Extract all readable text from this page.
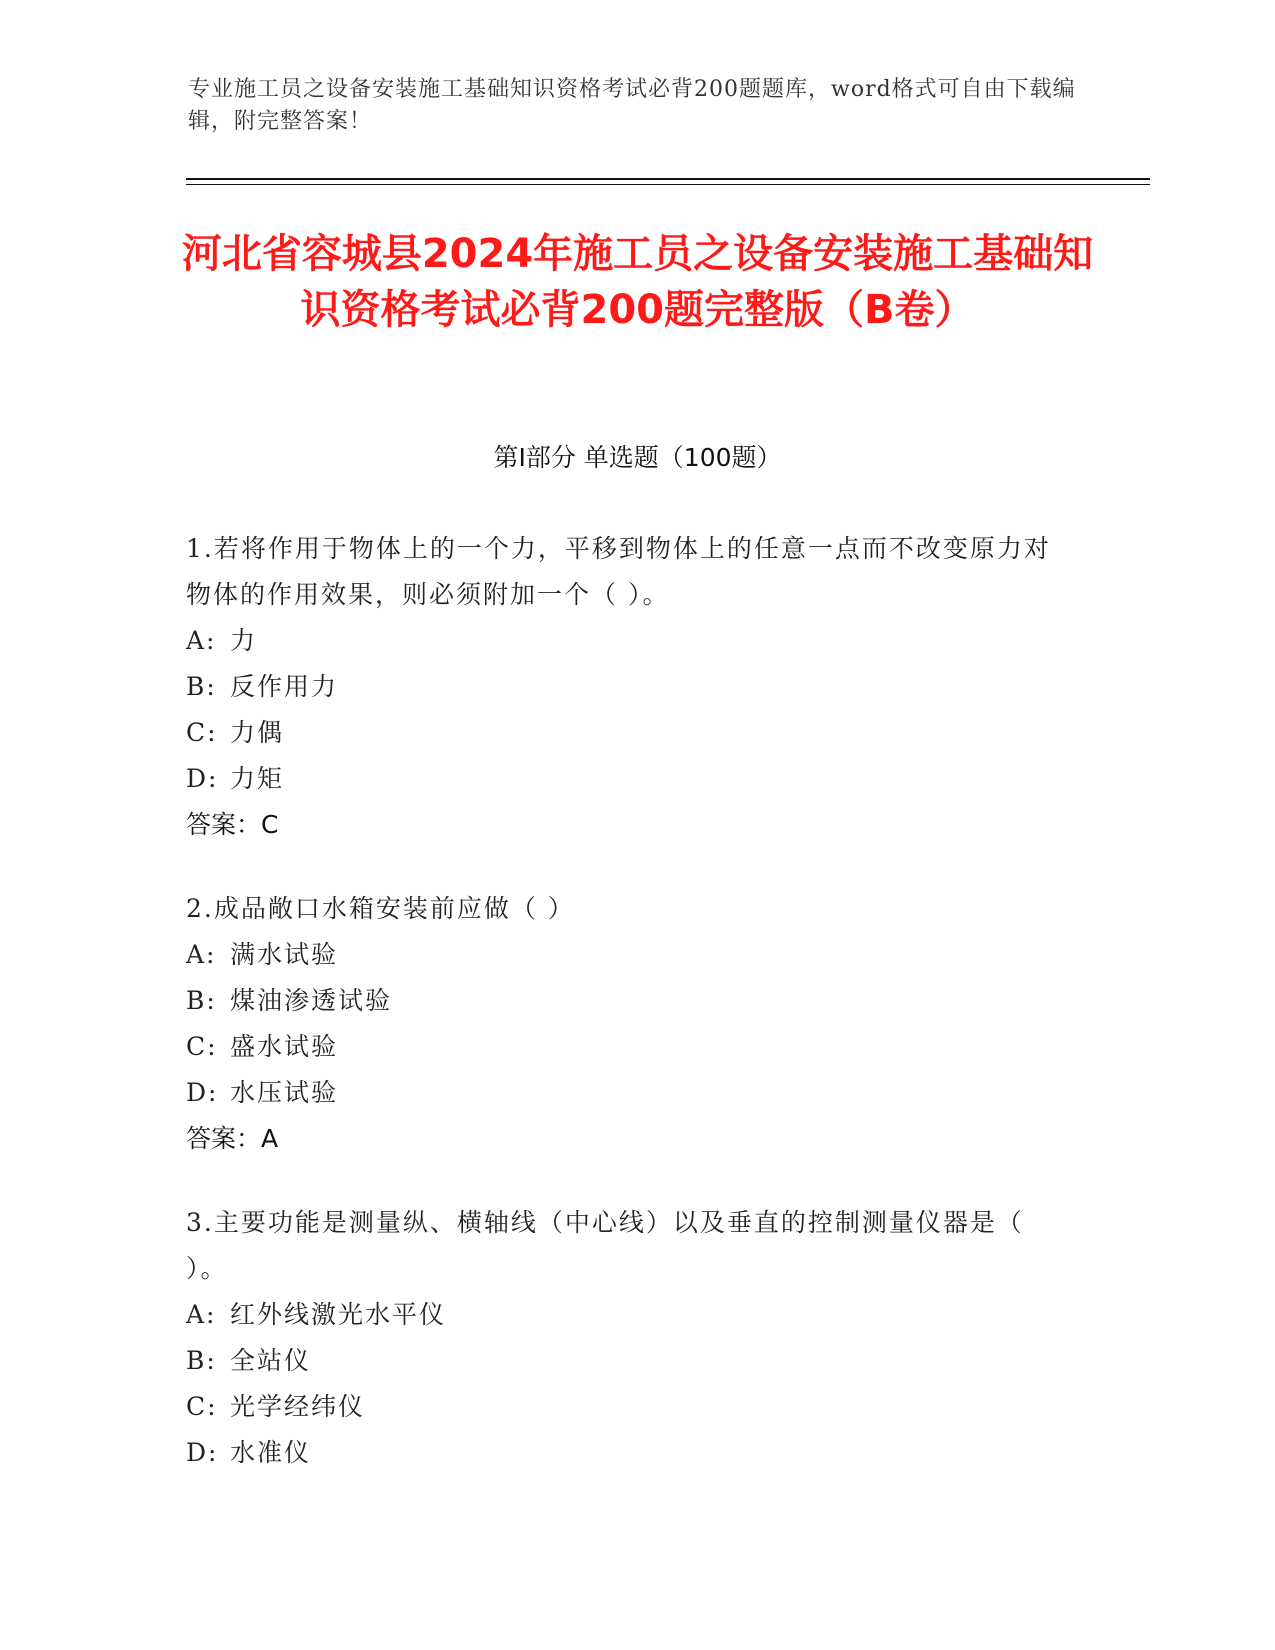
专业施工员之设备安装施工基础知识资格考试必背200题题库，word格式可自由下载编辑，附完整答案！
河北省容城县2024年施工员之设备安装施工基础知识资格考试必背200题完整版（B卷）
第Ⅰ部分 单选题（100题）
1.若将作用于物体上的一个力，平移到物体上的任意一点而不改变原力对物体的作用效果，则必须附加一个（ ）。
A: 力
B: 反作用力
C: 力偶
D: 力矩
答案：C
2.成品敞口水箱安装前应做（ ）
A: 满水试验
B: 煤油渗透试验
C: 盛水试验
D: 水压试验
答案：A
3.主要功能是测量纵、横轴线（中心线）以及垂直的控制测量仪器是（ ）。
A: 红外线激光水平仪
B: 全站仪
C: 光学经纬仪
D: 水准仪
